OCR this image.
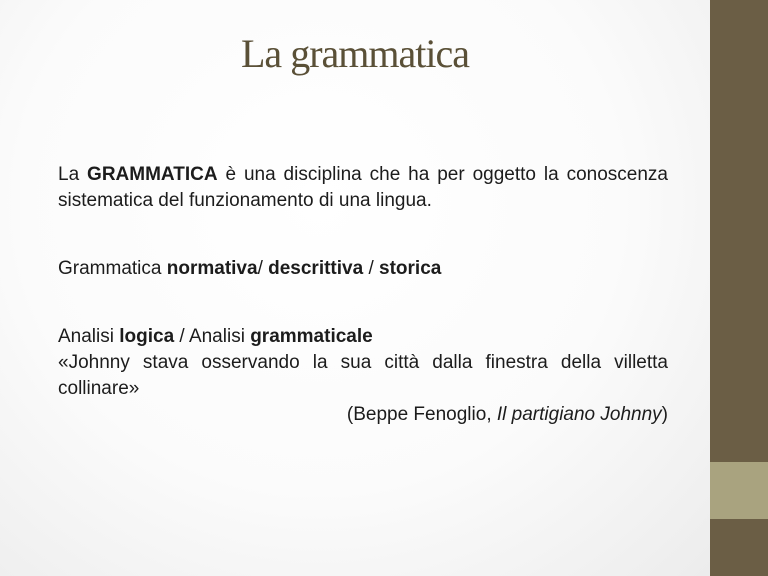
La grammatica

La GRAMMATICA è una disciplina che ha per oggetto la conoscenza sistematica del funzionamento di una lingua.

Grammatica normativa/ descrittiva / storica

Analisi logica / Analisi grammaticale

«Johnny stava osservando la sua città dalla finestra della villetta collinare»

(Beppe Fenoglio, Il partigiano Johnny)
